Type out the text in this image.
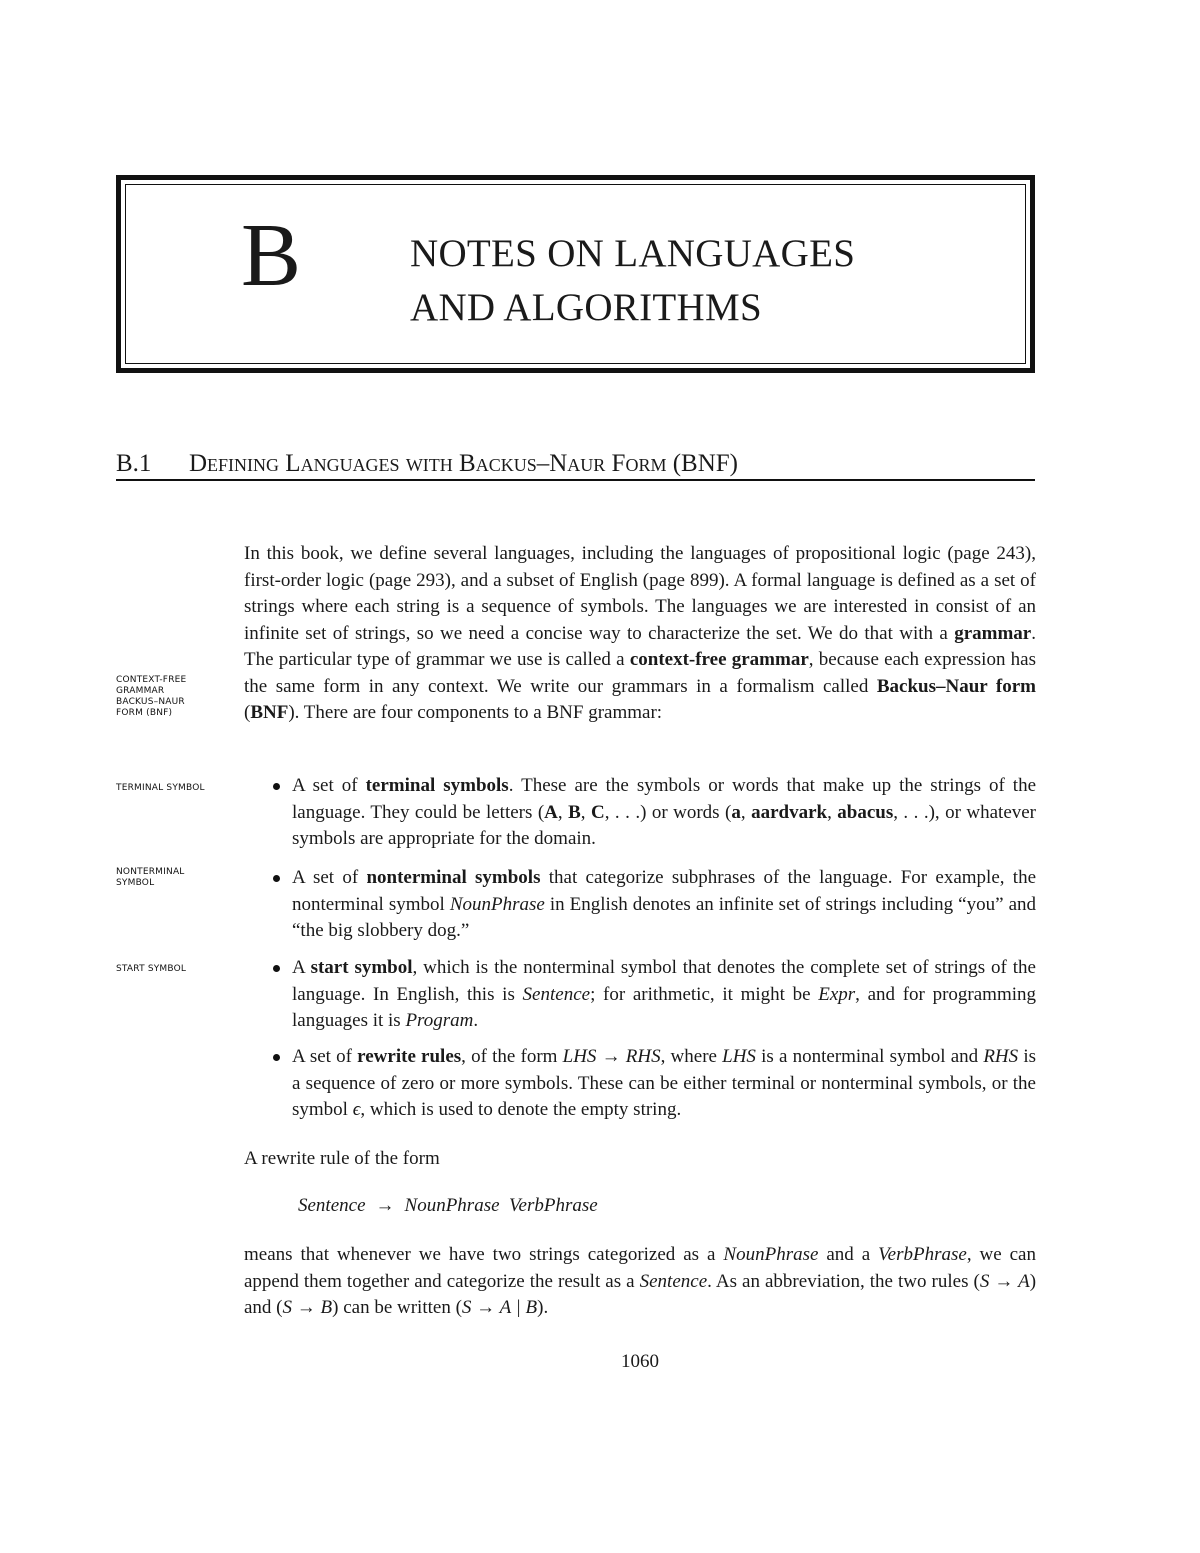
B	NOTES ON LANGUAGES
AND ALGORITHMS
B.1 Defining Languages with Backus–Naur Form (BNF)
CONTEXT-FREE
GRAMMAR
BACKUS–NAUR
FORM (BNF)
TERMINAL SYMBOL
NONTERMINAL
SYMBOL
START SYMBOL

In this book, we define several languages, including the languages of propositional logic (page 243), first-order logic (page 293), and a subset of English (page 899). A formal language is defined as a set of strings where each string is a sequence of symbols. The languages we are interested in consist of an infinite set of strings, so we need a concise way to characterize the set. We do that with a grammar. The particular type of grammar we use is called a context-free grammar, because each expression has the same form in any context. We write our grammars in a formalism called Backus–Naur form (BNF). There are four components to a BNF grammar:

A set of terminal symbols. These are the symbols or words that make up the strings of the language. They could be letters (A, B, C, . . .) or words (a, aardvark, abacus, . . .), or whatever symbols are appropriate for the domain.
A set of nonterminal symbols that categorize subphrases of the language. For example, the nonterminal symbol NounPhrase in English denotes an infinite set of strings including “you” and “the big slobbery dog.”
A start symbol, which is the nonterminal symbol that denotes the complete set of strings of the language. In English, this is Sentence; for arithmetic, it might be Expr, and for programming languages it is Program.
A set of rewrite rules, of the form LHS → RHS, where LHS is a nonterminal symbol and RHS is a sequence of zero or more symbols. These can be either terminal or nonterminal symbols, or the symbol ϵ, which is used to denote the empty string.

A rewrite rule of the form

Sentence → NounPhrase  VerbPhrase

means that whenever we have two strings categorized as a NounPhrase and a VerbPhrase, we can append them together and categorize the result as a Sentence. As an abbreviation, the two rules (S → A) and (S → B) can be written (S → A | B).

1060
